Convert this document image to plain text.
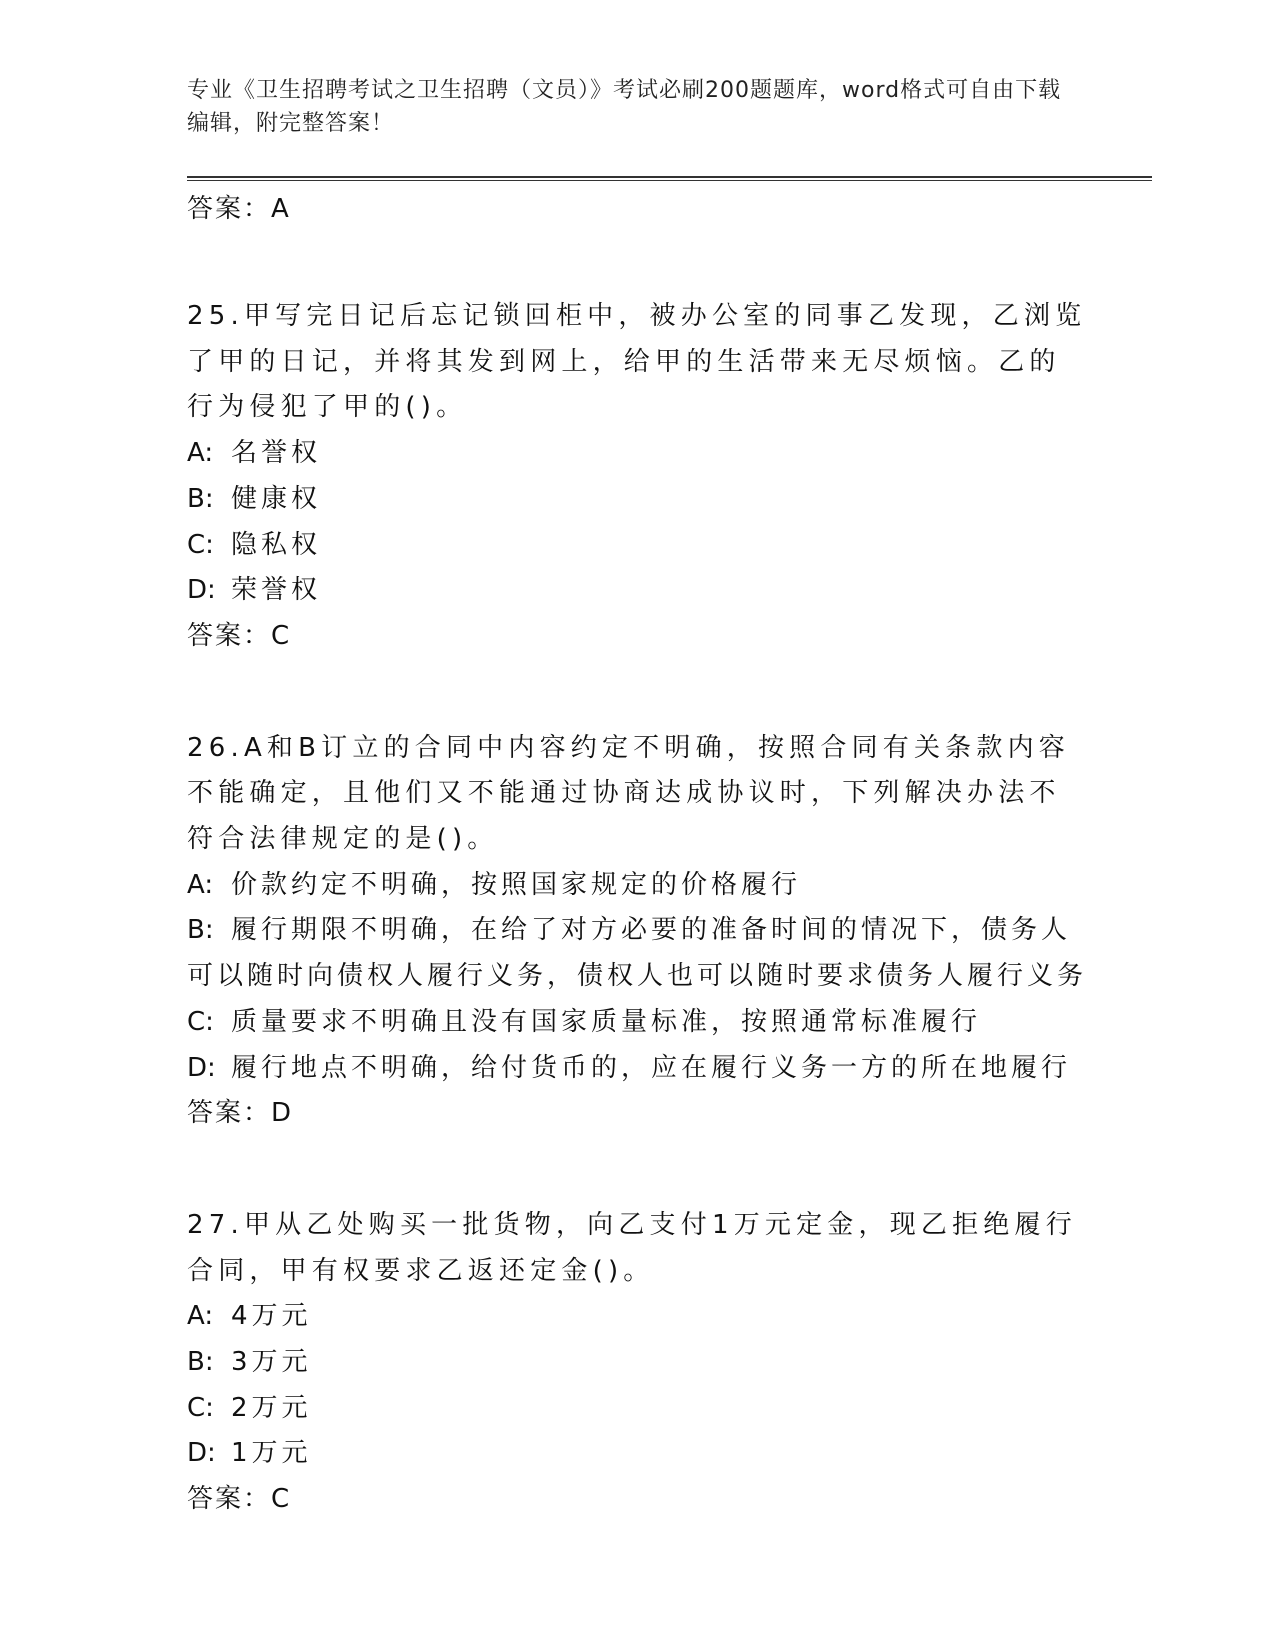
专业《卫生招聘考试之卫生招聘（文员）》考试必刷200题题库，word格式可自由下载编辑，附完整答案！

答案：A

25.甲写完日记后忘记锁回柜中，被办公室的同事乙发现，乙浏览了甲的日记，并将其发到网上，给甲的生活带来无尽烦恼。乙的行为侵犯了甲的()。

A: 名誉权

B: 健康权

C: 隐私权

D: 荣誉权

答案：C

26.A和B订立的合同中内容约定不明确，按照合同有关条款内容不能确定，且他们又不能通过协商达成协议时，下列解决办法不符合法律规定的是()。

A: 价款约定不明确，按照国家规定的价格履行

B: 履行期限不明确，在给了对方必要的准备时间的情况下，债务人可以随时向债权人履行义务，债权人也可以随时要求债务人履行义务

C: 质量要求不明确且没有国家质量标准，按照通常标准履行

D: 履行地点不明确，给付货币的，应在履行义务一方的所在地履行

答案：D

27.甲从乙处购买一批货物，向乙支付1万元定金，现乙拒绝履行合同，甲有权要求乙返还定金()。

A: 4万元

B: 3万元

C: 2万元

D: 1万元

答案：C
